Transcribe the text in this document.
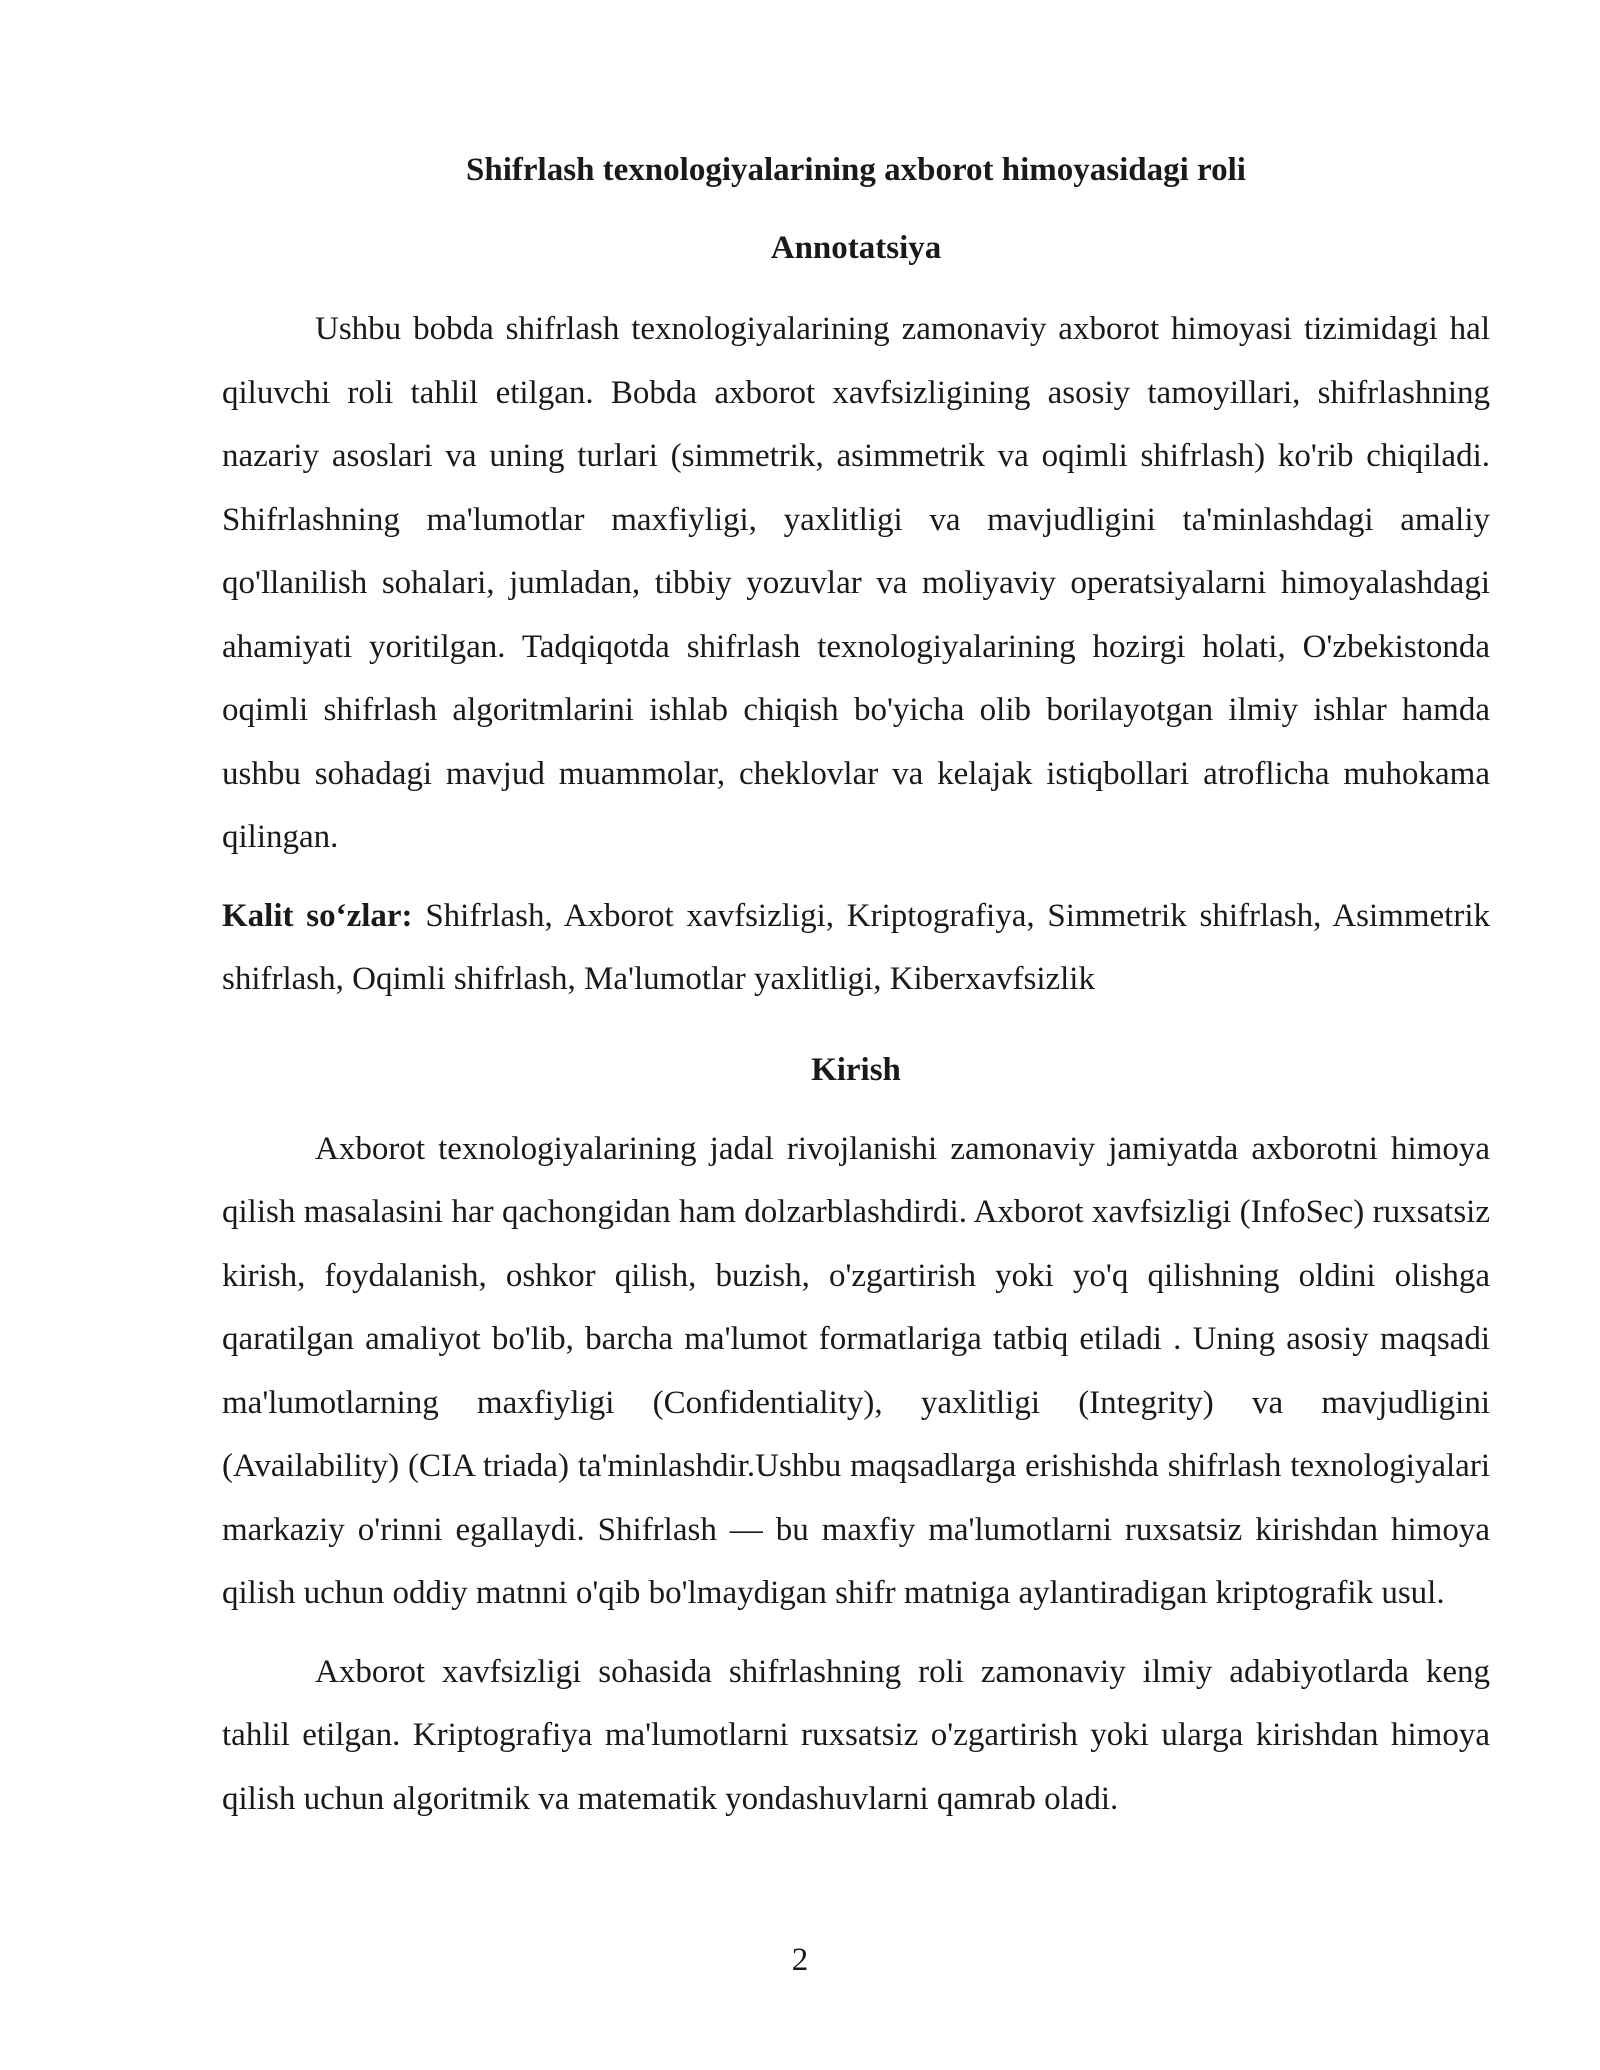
Shifrlash texnologiyalarining axborot himoyasidagi roli
Annotatsiya

Ushbu bobda shifrlash texnologiyalarining zamonaviy axborot himoyasi tizimidagi hal qiluvchi roli tahlil etilgan. Bobda axborot xavfsizligining asosiy tamoyillari, shifrlashning nazariy asoslari va uning turlari (simmetrik, asimmetrik va oqimli shifrlash) ko'rib chiqiladi. Shifrlashning ma'lumotlar maxfiyligi, yaxlitligi va mavjudligini ta'minlashdagi amaliy qo'llanilish sohalari, jumladan, tibbiy yozuvlar va moliyaviy operatsiyalarni himoyalashdagi ahamiyati yoritilgan. Tadqiqotda shifrlash texnologiyalarining hozirgi holati, O'zbekistonda oqimli shifrlash algoritmlarini ishlab chiqish bo'yicha olib borilayotgan ilmiy ishlar hamda ushbu sohadagi mavjud muammolar, cheklovlar va kelajak istiqbollari atroflicha muhokama qilingan.

Kalit so‘zlar: Shifrlash, Axborot xavfsizligi, Kriptografiya, Simmetrik shifrlash, Asimmetrik shifrlash, Oqimli shifrlash, Ma'lumotlar yaxlitligi, Kiberxavfsizlik

Kirish

Axborot texnologiyalarining jadal rivojlanishi zamonaviy jamiyatda axborotni himoya qilish masalasini har qachongidan ham dolzarblashdirdi. Axborot xavfsizligi (InfoSec) ruxsatsiz kirish, foydalanish, oshkor qilish, buzish, o'zgartirish yoki yo'q qilishning oldini olishga qaratilgan amaliyot bo'lib, barcha ma'lumot formatlariga tatbiq etiladi . Uning asosiy maqsadi ma'lumotlarning maxfiyligi (Confidentiality), yaxlitligi (Integrity) va mavjudligini (Availability) (CIA triada) ta'minlashdir.Ushbu maqsadlarga erishishda shifrlash texnologiyalari markaziy o'rinni egallaydi. Shifrlash — bu maxfiy ma'lumotlarni ruxsatsiz kirishdan himoya qilish uchun oddiy matnni o'qib bo'lmaydigan shifr matniga aylantiradigan kriptografik usul.

Axborot xavfsizligi sohasida shifrlashning roli zamonaviy ilmiy adabiyotlarda keng tahlil etilgan. Kriptografiya ma'lumotlarni ruxsatsiz o'zgartirish yoki ularga kirishdan himoya qilish uchun algoritmik va matematik yondashuvlarni qamrab oladi.

2
